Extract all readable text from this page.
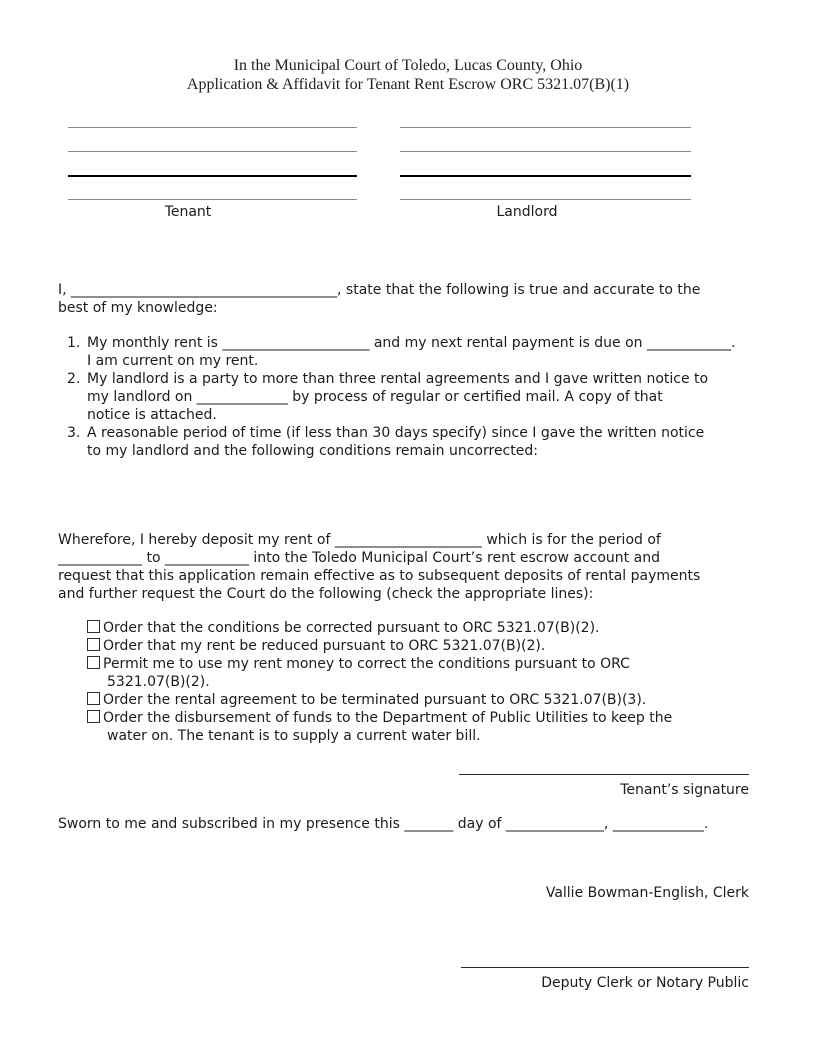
In the Municipal Court of Toledo, Lucas County, Ohio
Application & Affidavit for Tenant Rent Escrow ORC 5321.07(B)(1)
Tenant	Landlord
I, ______________________________________, state that the following is true and accurate to the
best of my knowledge:
1. My monthly rent is _____________________ and my next rental payment is due on ____________.
I am current on my rent.
2. My landlord is a party to more than three rental agreements and I gave written notice to
my landlord on _____________ by process of regular or certified mail. A copy of that
notice is attached.
3. A reasonable period of time (if less than 30 days specify) since I gave the written notice
to my landlord and the following conditions remain uncorrected:
Wherefore, I hereby deposit my rent of _____________________ which is for the period of
____________ to ____________ into the Toledo Municipal Court’s rent escrow account and
request that this application remain effective as to subsequent deposits of rental payments
and further request the Court do the following (check the appropriate lines):
Order that the conditions be corrected pursuant to ORC 5321.07(B)(2).
Order that my rent be reduced pursuant to ORC 5321.07(B)(2).
Permit me to use my rent money to correct the conditions pursuant to ORC
5321.07(B)(2).
Order the rental agreement to be terminated pursuant to ORC 5321.07(B)(3).
Order the disbursement of funds to the Department of Public Utilities to keep the
water on. The tenant is to supply a current water bill.
Tenant’s signature
Sworn to me and subscribed in my presence this _______ day of ______________, _____________.
Vallie Bowman-English, Clerk
Deputy Clerk or Notary Public
